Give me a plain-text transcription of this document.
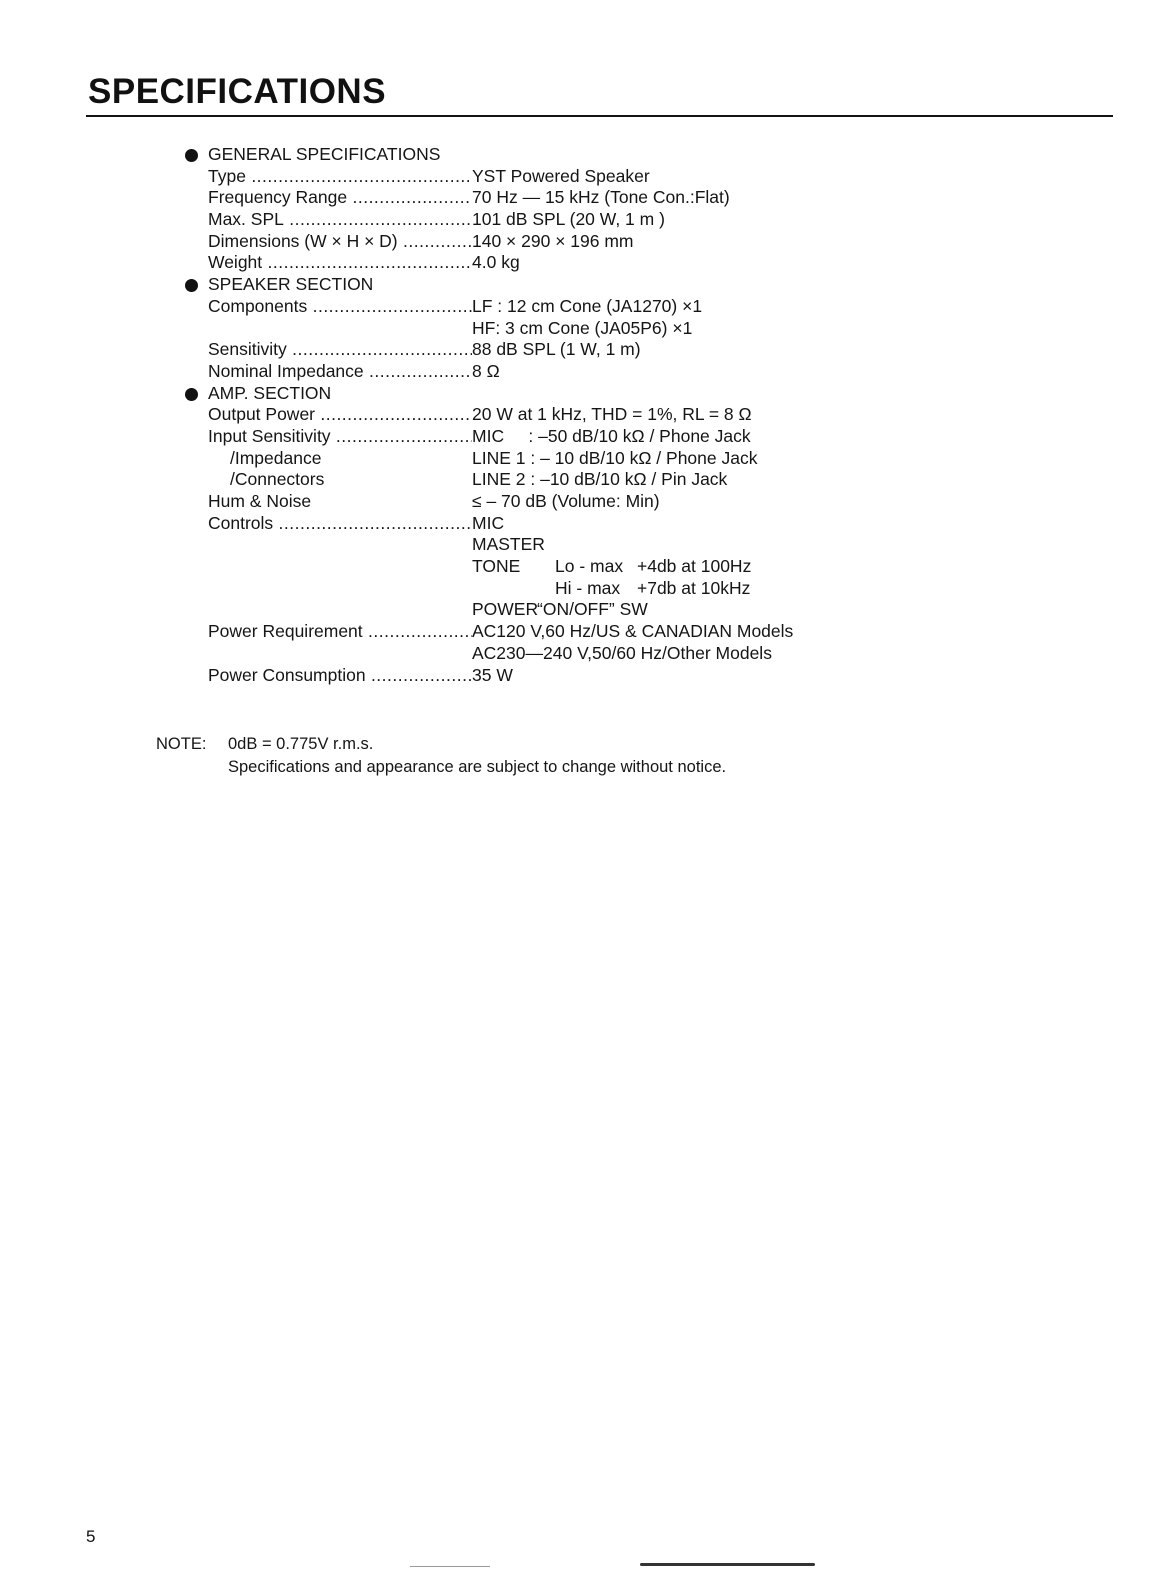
SPECIFICATIONS
GENERAL SPECIFICATIONS
Type .....	YST Powered Speaker
Frequency Range .....	70 Hz — 15 kHz (Tone Con.:Flat)
Max. SPL .....	101 dB SPL (20 W, 1 m )
Dimensions (W × H × D) .....	140 × 290 × 196 mm
Weight .....	4.0 kg
SPEAKER SECTION
Components .....	LF : 12 cm Cone (JA1270) ×1
HF: 3 cm Cone (JA05P6) ×1
Sensitivity .....	88 dB SPL (1 W, 1 m)
Nominal Impedance .....	8 Ω
AMP. SECTION
Output Power .....	20 W at 1 kHz, THD = 1%, RL = 8 Ω
Input Sensitivity .....	MIC     : –50 dB/10 kΩ / Phone Jack
/Impedance	LINE 1 : – 10 dB/10 kΩ / Phone Jack
/Connectors	LINE 2 : –10 dB/10 kΩ / Pin Jack
Hum & Noise	≤ – 70 dB (Volume: Min)
Controls .....	MIC
MASTER
TONE Lo - max +4db at 100Hz
Hi - max +7db at 10kHz
POWER
“ON/OFF” SW
Power Requirement .....	AC120 V,60 Hz/US & CANADIAN Models
AC230—240 V,50/60 Hz/Other Models
Power Consumption .....	35 W
NOTE: 0dB = 0.775V r.m.s.
Specifications and appearance are subject to change without notice.
5
